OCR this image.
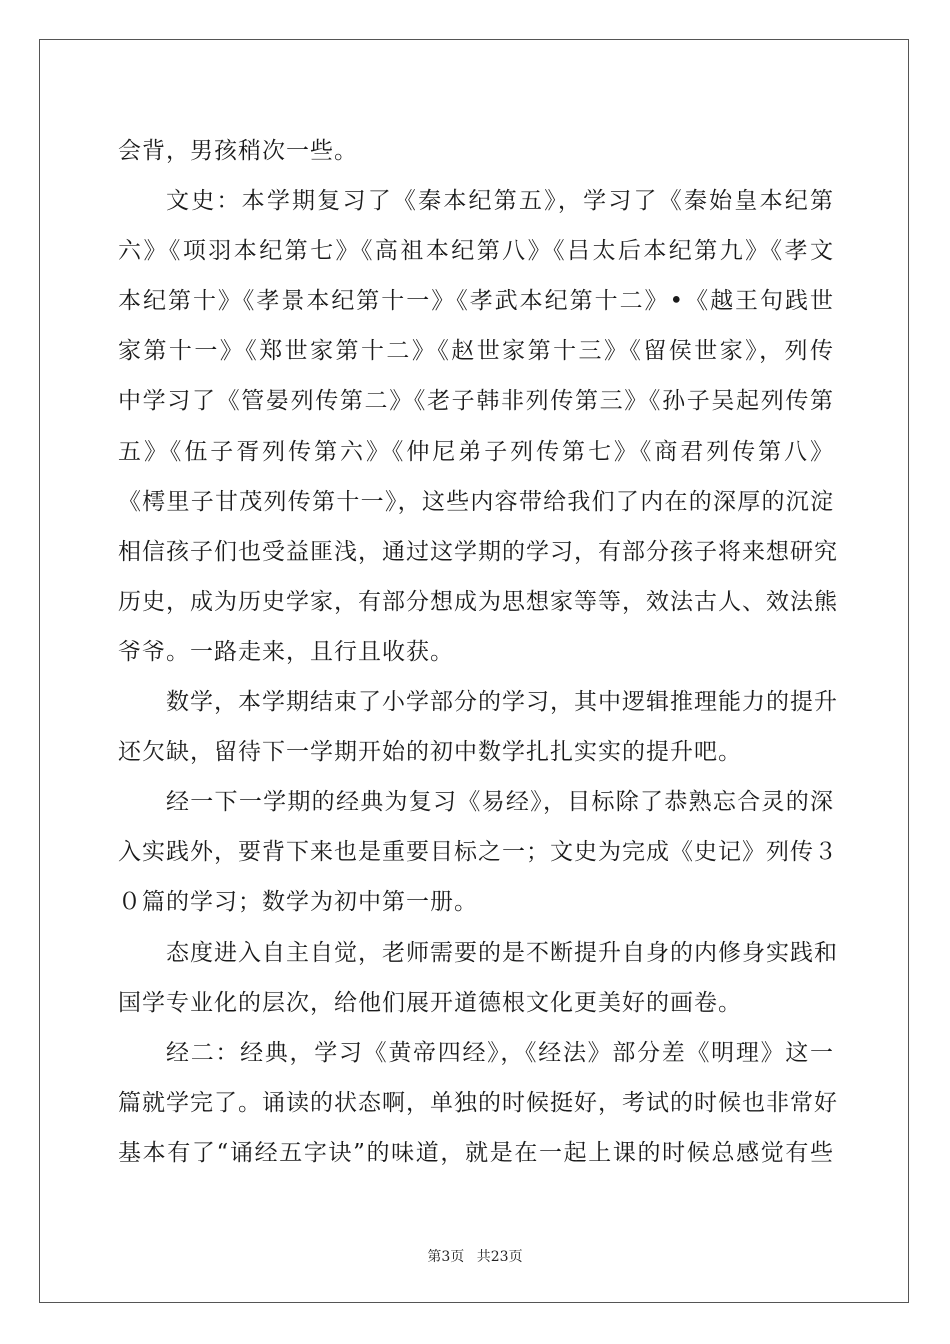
会背，男孩稍次一些。
文史：本学期复习了《秦本纪第五》，学习了《秦始皇本纪第
六》《项羽本纪第七》《高祖本纪第八》《吕太后本纪第九》《孝文
本纪第十》《孝景本纪第十一》《孝武本纪第十二》•《越王句践世
家第十一》《郑世家第十二》《赵世家第十三》《留侯世家》，列传
中学习了《管晏列传第二》《老子韩非列传第三》《孙子吴起列传第
五》《伍子胥列传第六》《仲尼弟子列传第七》《商君列传第八》
《樗里子甘茂列传第十一》，这些内容带给我们了内在的深厚的沉淀
相信孩子们也受益匪浅，通过这学期的学习，有部分孩子将来想研究
历史，成为历史学家，有部分想成为思想家等等，效法古人、效法熊
爷爷。一路走来，且行且收获。
数学，本学期结束了小学部分的学习，其中逻辑推理能力的提升
还欠缺，留待下一学期开始的初中数学扎扎实实的提升吧。
经一下一学期的经典为复习《易经》，目标除了恭熟忘合灵的深
入实践外，要背下来也是重要目标之一；文史为完成《史记》列传３
０篇的学习；数学为初中第一册。
态度进入自主自觉，老师需要的是不断提升自身的内修身实践和
国学专业化的层次，给他们展开道德根文化更美好的画卷。
经二：经典，学习《黄帝四经》，《经法》部分差《明理》这一
篇就学完了。诵读的状态啊，单独的时候挺好，考试的时候也非常好
基本有了“诵经五字诀”的味道，就是在一起上课的时候总感觉有些
第3页 共23页
